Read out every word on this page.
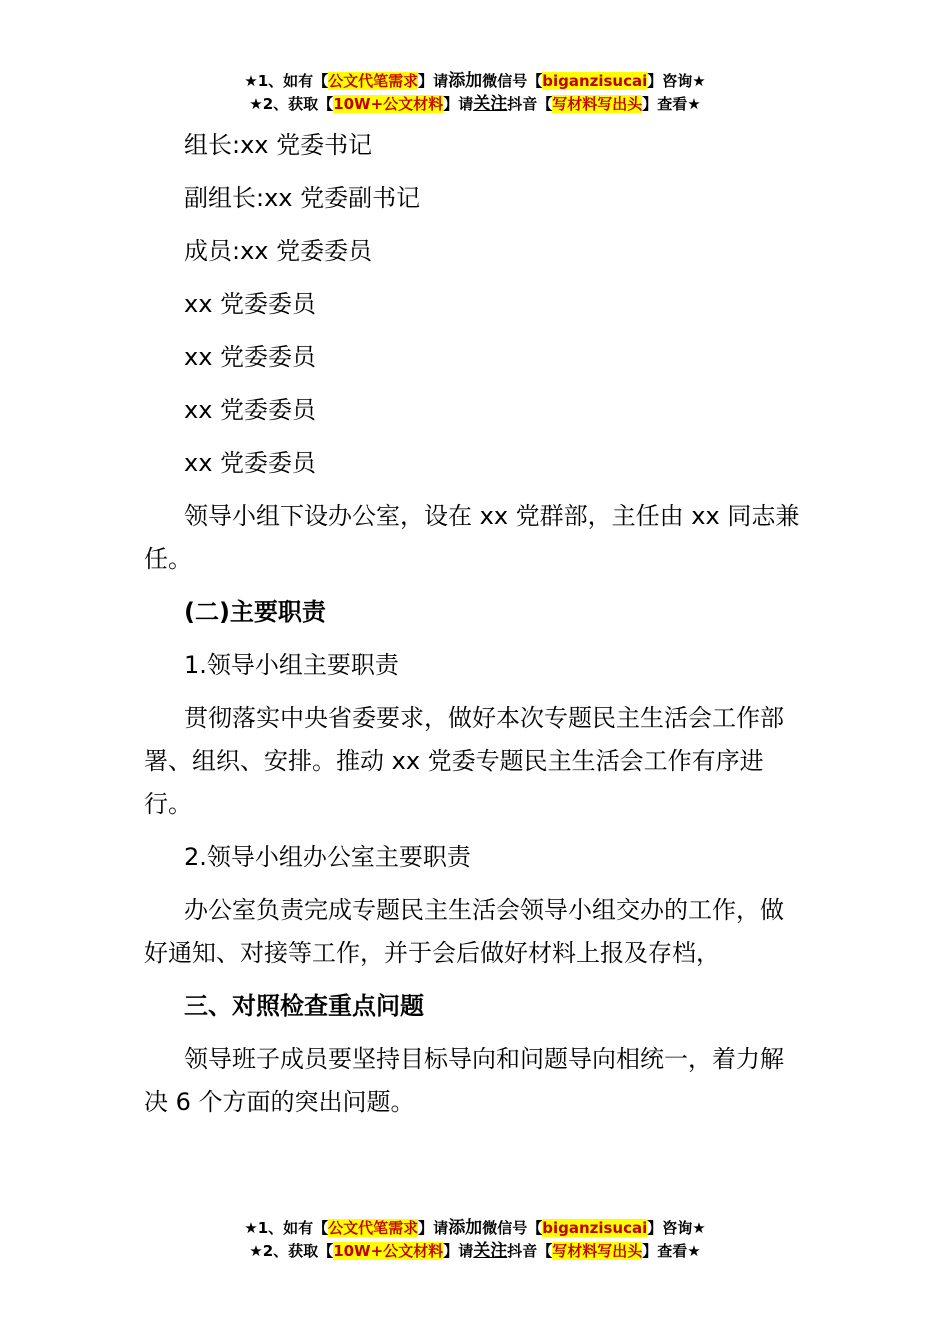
★1、如有【公文代笔需求】请添加微信号【biganzisucai】咨询★
★2、获取【10W+公文材料】请关注抖音【写材料写出头】查看★

组长:xx 党委书记

副组长:xx 党委副书记

成员:xx 党委委员

xx 党委委员

xx 党委委员

xx 党委委员

xx 党委委员

领导小组下设办公室，设在 xx 党群部，主任由 xx 同志兼任。

(二)主要职责

1.领导小组主要职责

贯彻落实中央省委要求，做好本次专题民主生活会工作部署、组织、安排。推动 xx 党委专题民主生活会工作有序进行。

2.领导小组办公室主要职责

办公室负责完成专题民主生活会领导小组交办的工作，做好通知、对接等工作，并于会后做好材料上报及存档，

三、对照检查重点问题

领导班子成员要坚持目标导向和问题导向相统一，着力解决 6 个方面的突出问题。

★1、如有【公文代笔需求】请添加微信号【biganzisucai】咨询★
★2、获取【10W+公文材料】请关注抖音【写材料写出头】查看★
